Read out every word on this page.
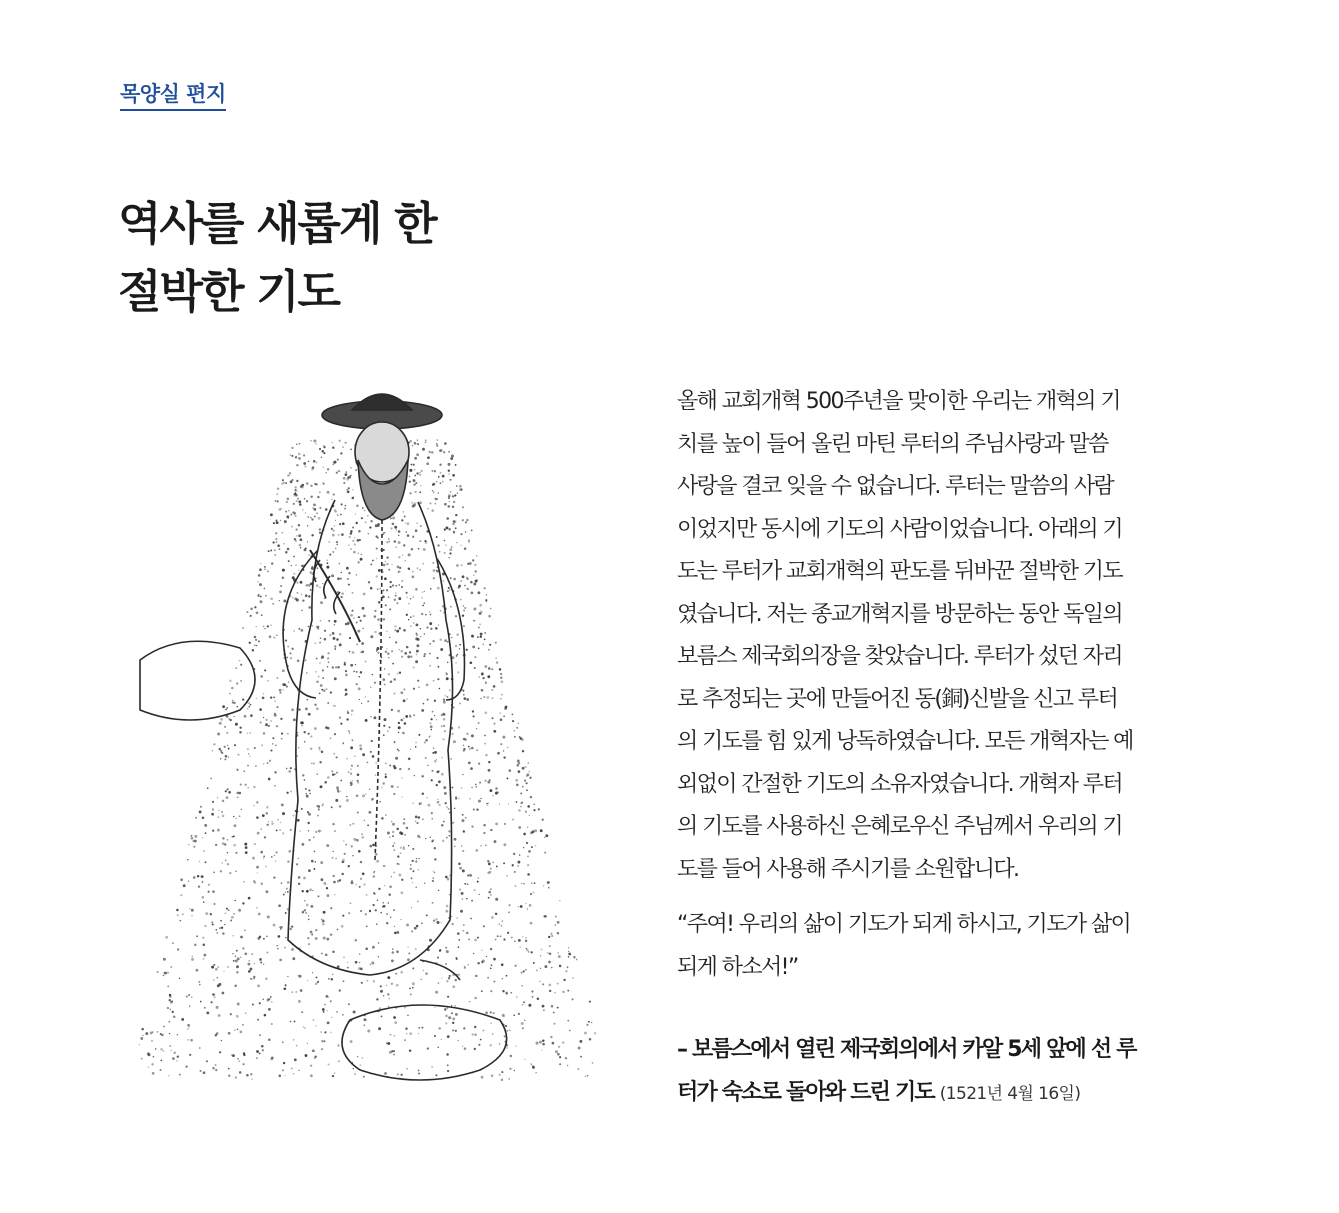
목양실 편지
역사를 새롭게 한
절박한 기도
올해 교회개혁 500주년을 맞이한 우리는 개혁의 기
치를 높이 들어 올린 마틴 루터의 주님사랑과 말씀
사랑을 결코 잊을 수 없습니다. 루터는 말씀의 사람
이었지만 동시에 기도의 사람이었습니다. 아래의 기
도는 루터가 교회개혁의 판도를 뒤바꾼 절박한 기도
였습니다. 저는 종교개혁지를 방문하는 동안 독일의
보름스 제국회의장을 찾았습니다. 루터가 섰던 자리
로 추정되는 곳에 만들어진 동(銅)신발을 신고 루터
의 기도를 힘 있게 낭독하였습니다. 모든 개혁자는 예
외없이 간절한 기도의 소유자였습니다. 개혁자 루터
의 기도를 사용하신 은혜로우신 주님께서 우리의 기
도를 들어 사용해 주시기를 소원합니다.
“주여! 우리의 삶이 기도가 되게 하시고, 기도가 삶이
되게 하소서!”
– 보름스에서 열린 제국회의에서 카알 5세 앞에 선 루
터가 숙소로 돌아와 드린 기도 (1521년 4월 16일)
